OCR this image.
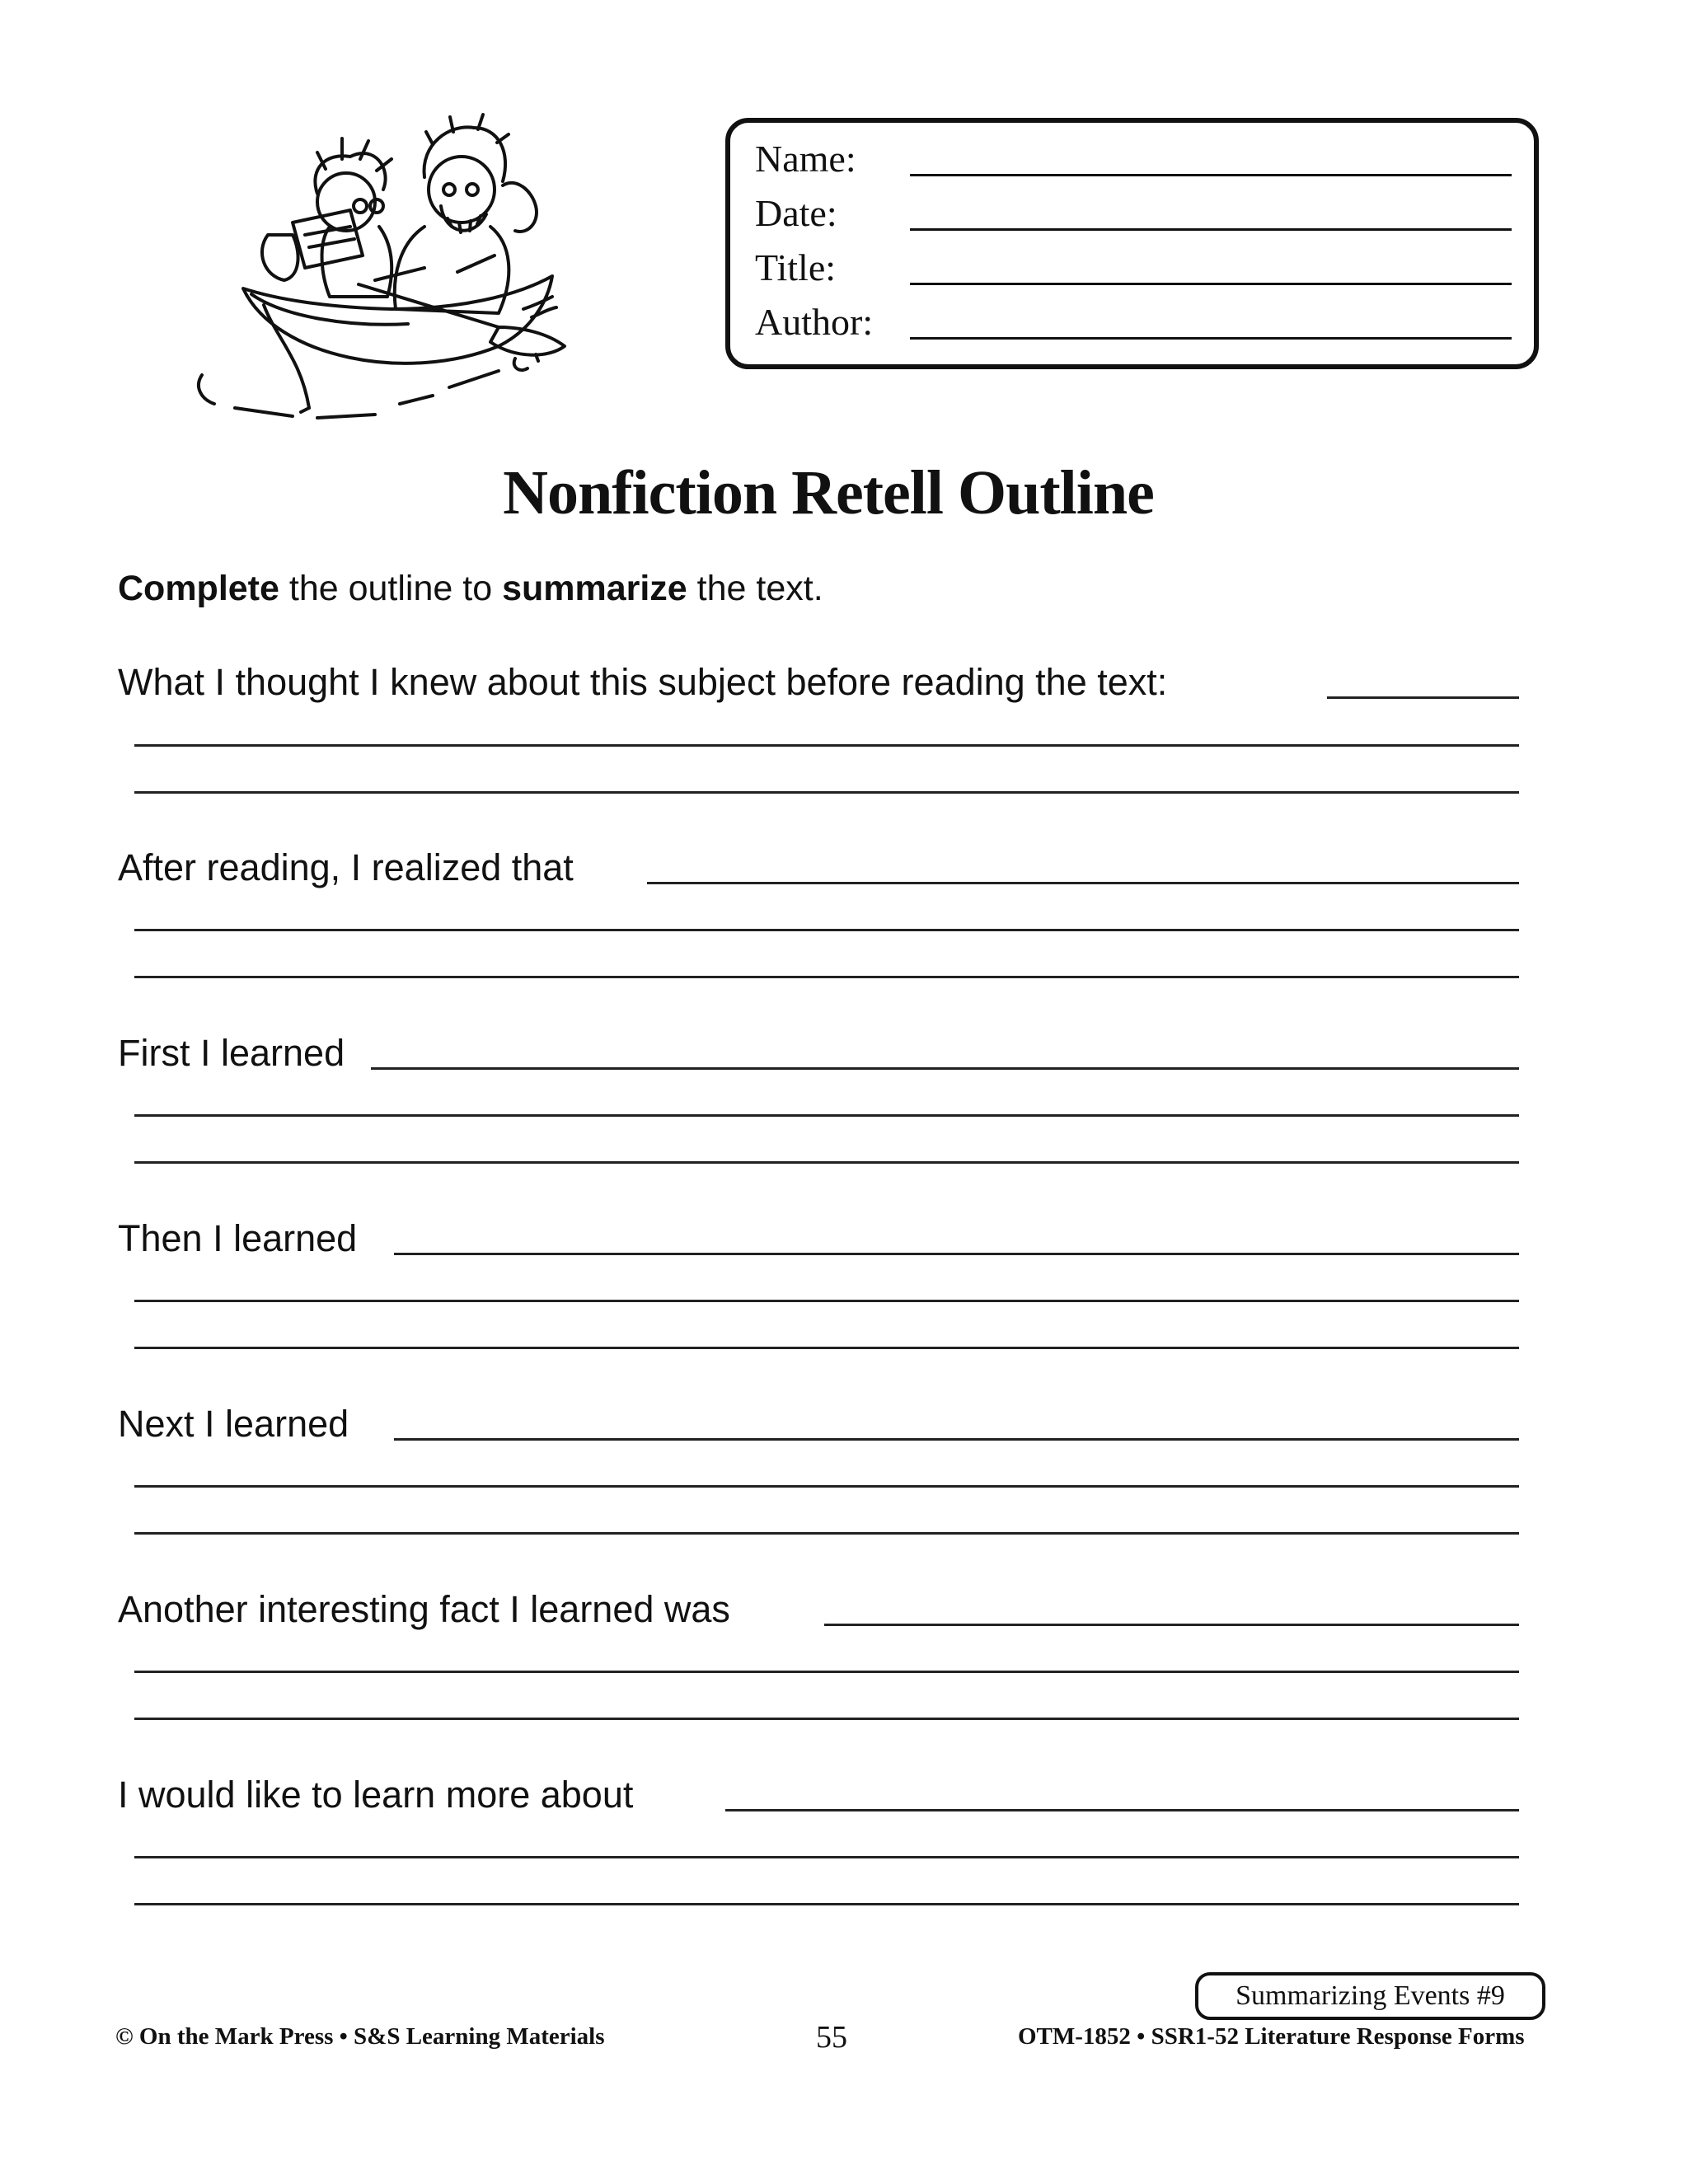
Name:
Date:
Title:
Author:
Nonfiction Retell Outline
Complete the outline to summarize the text.
What I thought I knew about this subject before reading the text:
After reading, I realized that
First I learned
Then I learned
Next I learned
Another interesting fact I learned was
I would like to learn more about
Summarizing Events #9
© On the Mark Press • S&S Learning Materials	55	OTM-1852 • SSR1-52 Literature Response Forms
